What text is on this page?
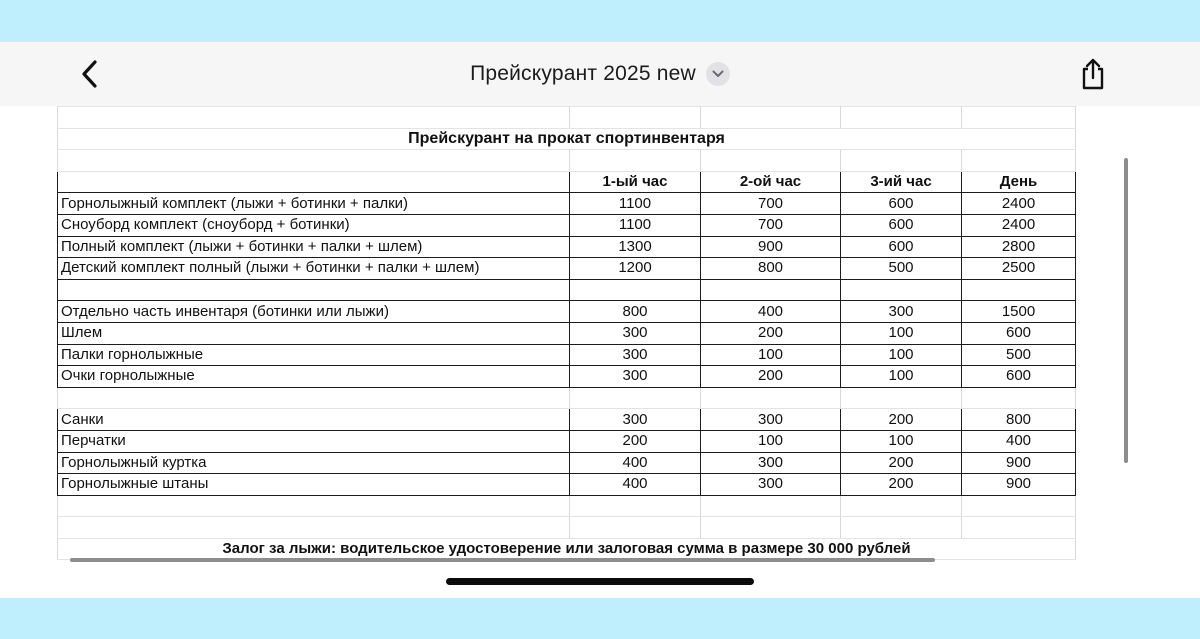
Прейскурант 2025 new

Прейскурант на прокат спортинвентаря				

	1-ый час	2-ой час	3-ий час	День
Горнолыжный комплект (лыжи + ботинки + палки)	1100	700	600	2400
Сноуборд комплект (сноуборд + ботинки)	1100	700	600	2400
Полный комплект (лыжи + ботинки + палки + шлем)	1300	900	600	2800
Детский комплект полный (лыжи + ботинки + палки + шлем)	1200	800	500	2500

Отдельно часть инвентаря (ботинки или лыжи)	800	400	300	1500
Шлем	300	200	100	600
Палки горнолыжные	300	100	100	500
Очки горнолыжные	300	200	100	600

Санки	300	300	200	800
Перчатки	200	100	100	400
Горнолыжный куртка	400	300	200	900
Горнолыжные штаны	400	300	200	900

Залог за лыжи: водительское удостоверение или залоговая сумма в размере 30 000 рублей				
